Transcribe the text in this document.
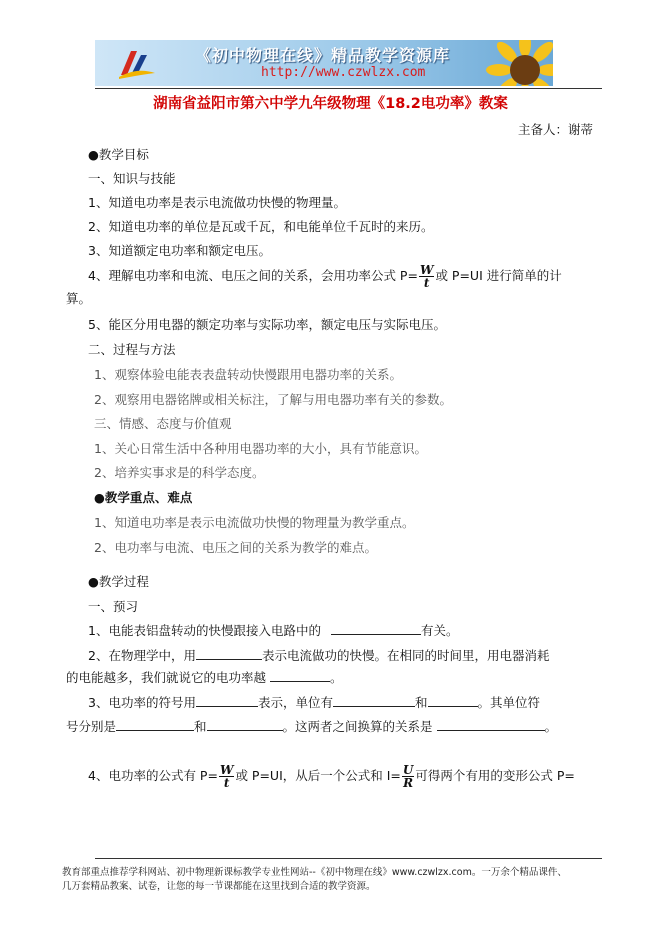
《初中物理在线》精品教学资源库
http://www.czwlzx.com
湖南省益阳市第六中学九年级物理《18.2电功率》教案
主备人：谢蒂
●教学目标
一、知识与技能
1、知道电功率是表示电流做功快慢的物理量。
2、知道电功率的单位是瓦或千瓦，和电能单位千瓦时的来历。
3、知道额定电功率和额定电压。
4、理解电功率和电流、电压之间的关系，会用功率公式 $P= \frac{W}{t}$ 或 P=UI 进行简单的计
算。
5、能区分用电器的额定功率与实际功率，额定电压与实际电压。
二、过程与方法
1、观察体验电能表表盘转动快慢跟用电器功率的关系。
2、观察用电器铭牌或相关标注，了解与用电器功率有关的参数。
三、情感、态度与价值观
1、关心日常生活中各种用电器功率的大小，具有节能意识。
2、培养实事求是的科学态度。
●教学重点、难点
1、知道电功率是表示电流做功快慢的物理量为教学重点。
2、电功率与电流、电压之间的关系为教学的难点。
●教学过程
一、预习
1、电能表铝盘转动的快慢跟接入电路中的	有关。
2、在物理学中，用	表示电流做功的快慢。在相同的时间里，用电器消耗
的电能越多，我们就说它的电功率越	。
3、电功率的符号用	表示，单位有	和	。其单位符
号分别是	和	。这两者之间换算的关系是	。
4、电功率的公式有 $P= \frac{W}{t}$ 或 P=UI，从后一个公式和 $I= \frac{U}{R}$ 可得两个有用的变形公式 P=
教育部重点推荐学科网站、初中物理新课标教学专业性网站--《初中物理在线》www.czwlzx.com。一万余个精品课件、
几万套精品教案、试卷，让您的每一节课都能在这里找到合适的教学资源。
